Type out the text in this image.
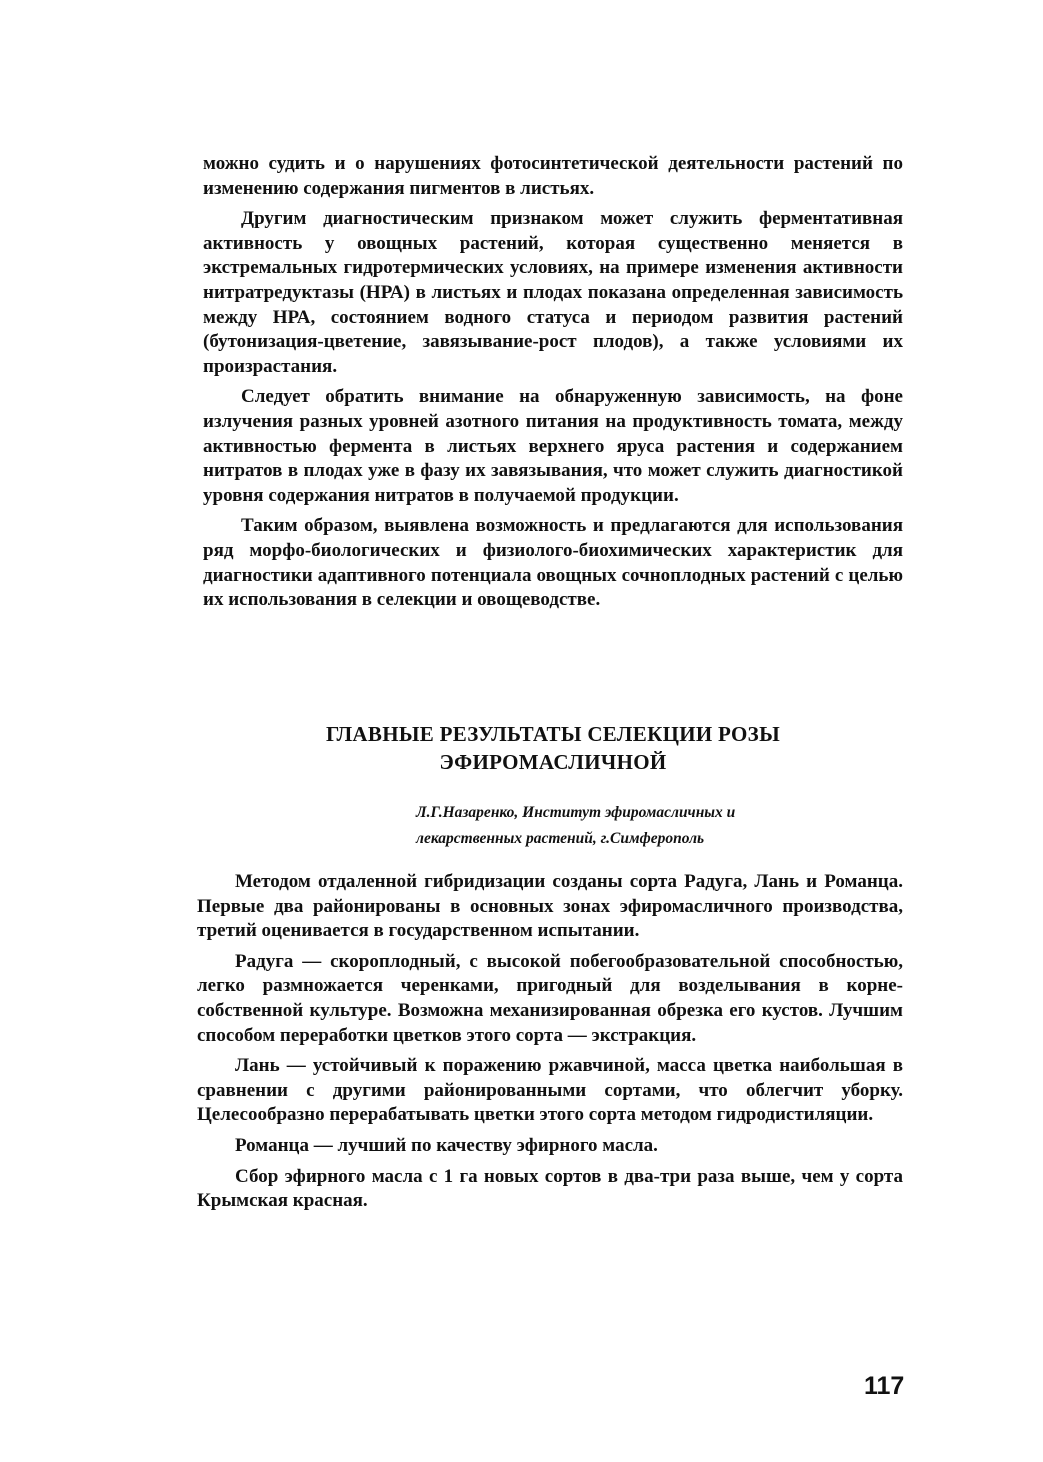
можно судить и о нарушениях фотосинтетической деятельности растений по изменению содержания пигментов в листьях.

Другим диагностическим признаком может служить ферментативная активность у овощных растений, которая существенно меняется в экстремальных гидротермических условиях, на примере изменения активности нитратредуктазы (НРА) в листьях и плодах показана определенная зависимость между НРА, состоянием водного статуса и периодом развития растений (бутонизация-цветение, завязывание-рост плодов), а также условиями их произрастания.

Следует обратить внимание на обнаруженную зависимость, на фоне излучения разных уровней азотного питания на продуктивность томата, между активностью фермента в листьях верхнего яруса растения и содержанием нитратов в плодах уже в фазу их завязывания, что может служить диагностикой уровня содержания нитратов в получаемой продукции.

Таким образом, выявлена возможность и предлагаются для использования ряд морфо-биологических и физиолого-биохимических характеристик для диагностики адаптивного потенциала овощных сочноплодных растений с целью их использования в селекции и овощеводстве.

ГЛАВНЫЕ РЕЗУЛЬТАТЫ СЕЛЕКЦИИ РОЗЫ
ЭФИРОМАСЛИЧНОЙ
Л.Г.Назаренко, Институт эфиромасличных и
лекарственных растений, г.Симферополь

Методом отдаленной гибридизации созданы сорта Радуга, Лань и Романца. Первые два районированы в основных зонах эфиромасличного производства, третий оценивается в государственном испытании.

Радуга — скороплодный, с высокой побегообразовательной способностью, легко размножается черенками, пригодный для возделывания в корне-собственной культуре. Возможна механизированная обрезка его кустов. Лучшим способом переработки цветков этого сорта — экстракция.

Лань — устойчивый к поражению ржавчиной, масса цветка наибольшая в сравнении с другими районированными сортами, что облегчит уборку. Целесообразно перерабатывать цветки этого сорта методом гидродистиляции.

Романца — лучший по качеству эфирного масла.

Сбор эфирного масла с 1 га новых сортов в два-три раза выше, чем у сорта Крымская красная.

117
